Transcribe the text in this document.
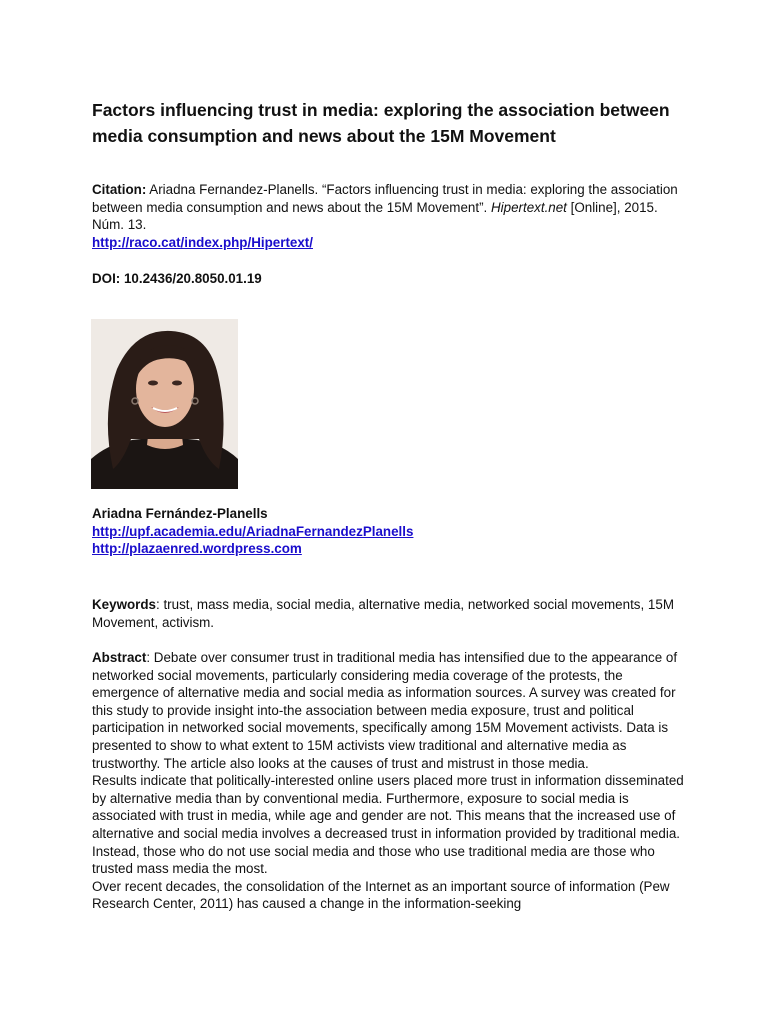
Factors influencing trust in media: exploring the association between media consumption and news about the 15M Movement
Citation: Ariadna Fernandez-Planells. “Factors influencing trust in media: exploring the association between media consumption and news about the 15M Movement”. Hipertext.net [Online], 2015. Núm. 13.
http://raco.cat/index.php/Hipertext/
DOI: 10.2436/20.8050.01.19
Ariadna Fernández-Planells
http://upf.academia.edu/AriadnaFernandezPlanells
http://plazaenred.wordpress.com
Keywords: trust, mass media, social media, alternative media, networked social movements, 15M Movement, activism.

Abstract: Debate over consumer trust in traditional media has intensified due to the appearance of networked social movements, particularly considering media coverage of the protests, the emergence of alternative media and social media as information sources. A survey was created for this study to provide insight into-the association between media exposure, trust and political participation in networked social movements, specifically among 15M Movement activists. Data is presented to show to what extent to 15M activists view traditional and alternative media as trustworthy. The article also looks at the causes of trust and mistrust in those media.

Results indicate that politically-interested online users placed more trust in information disseminated by alternative media than by conventional media. Furthermore, exposure to social media is associated with trust in media, while age and gender are not. This means that the increased use of alternative and social media involves a decreased trust in information provided by traditional media. Instead, those who do not use social media and those who use traditional media are those who trusted mass media the most.

Over recent decades, the consolidation of the Internet as an important source of information (Pew Research Center, 2011) has caused a change in the information-seeking
